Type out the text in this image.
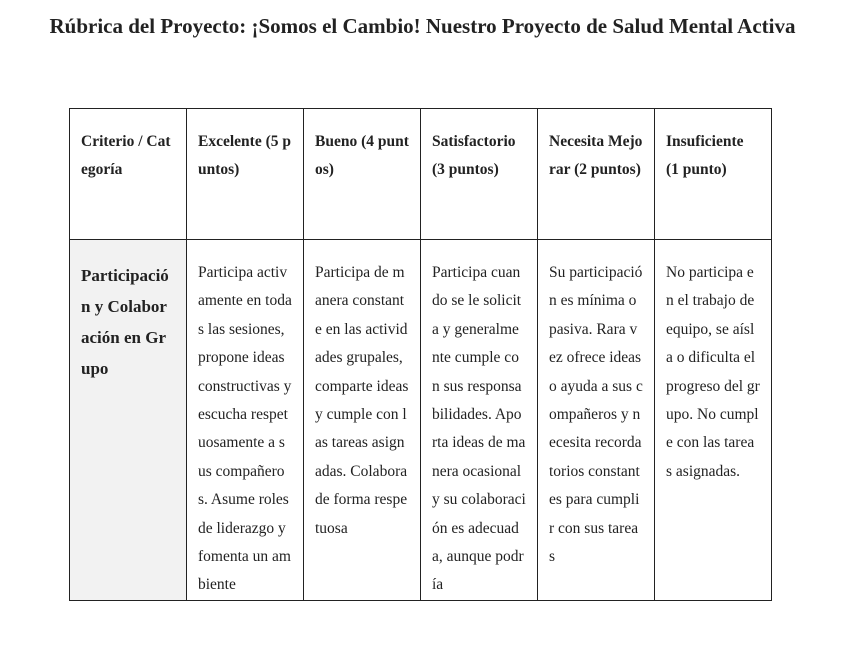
Rúbrica del Proyecto: ¡Somos el Cambio! Nuestro Proyecto de Salud Mental Activa
Criterio / Categoría	Excelente (5 puntos)	Bueno (4 puntos)	Satisfactorio (3 puntos)	Necesita Mejorar (2 puntos)	Insuficiente (1 punto)
Participación y Colaboración en Grupo	Participa activamente en todas las sesiones, propone ideas constructivas y escucha respetuosamente a sus compañeros. Asume roles de liderazgo y fomenta un ambiente	Participa de manera constante en las actividades grupales, comparte ideas y cumple con las tareas asignadas. Colabora de forma respetuosa	Participa cuando se le solicita y generalmente cumple con sus responsabilidades. Aporta ideas de manera ocasional y su colaboración es adecuada, aunque podría	Su participación es mínima o pasiva. Rara vez ofrece ideas o ayuda a sus compañeros y necesita recordatorios constantes para cumplir con sus tareas	No participa en el trabajo de equipo, se aísla o dificulta el progreso del grupo. No cumple con las tareas asignadas.
